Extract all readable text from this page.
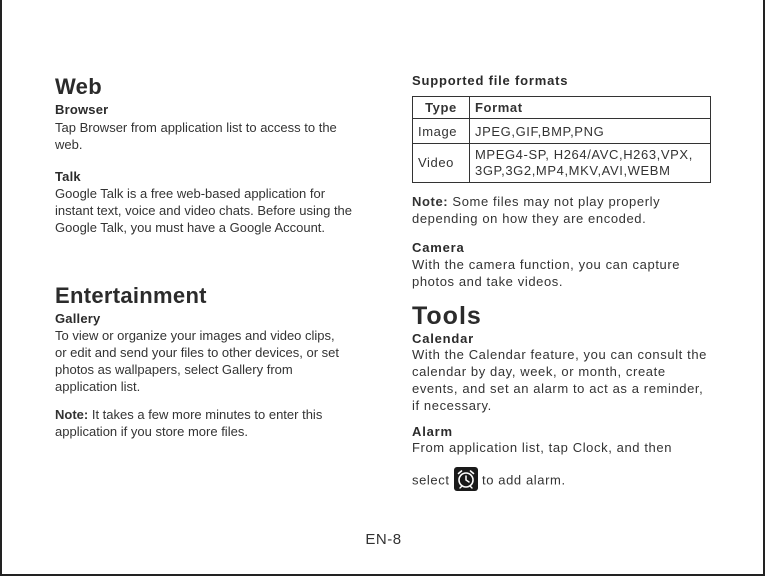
Web
Browser

Tap Browser from application list to access to the web.

Talk

Google Talk is a free web-based application for instant text, voice and video chats. Before using the Google Talk, you must have a Google Account.

Entertainment
Gallery

To view or organize your images and video clips, or edit and send your files to other devices, or set photos as wallpapers, select Gallery from application list.

Note: It takes a few more minutes to enter this application if you store more files.

Supported file formats
Type	Format
Image	JPEG,GIF,BMP,PNG
Video	MPEG4-SP, H264/AVC,H263,VPX, 3GP,3G2,MP4,MKV,AVI,WEBM

Note: Some files may not play properly depending on how they are encoded.

Camera

With the camera function, you can capture photos and take videos.

Tools
Calendar

With the Calendar feature, you can consult the calendar by day, week, or month, create events, and set an alarm to act as a reminder, if necessary.

Alarm

From application list, tap Clock, and then

select to add alarm.

EN-8
